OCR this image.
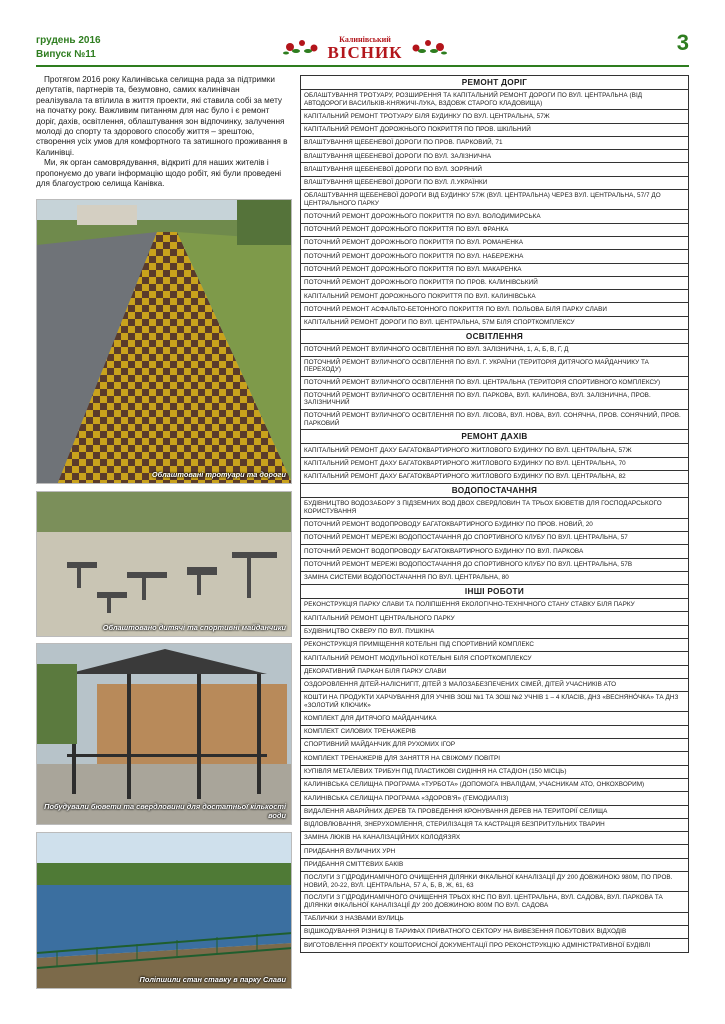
грудень 2016
Випуск №11
Калинівський
ВІСНИК	3

Протягом 2016 року Калинівська селищна рада за підтримки депутатів, партнерів та, безумовно, самих калинівчан реалізувала та втілила в життя проекти, які ставила собі за мету на початку року. Важливим питанням для нас було і є ремонт доріг, дахів, освітлення, облаштування зон відпочинку, залучення молоді до спорту та здорового способу життя – зрештою, створення усіх умов для комфортного та затишного проживання в Калинівці.

Ми, як орган самоврядування, відкриті для наших жителів і пропонуємо до уваги інформацію щодо робіт, які були проведені для благоустрою селища Канівка.

Облаштовані тротуари та дороги
Облаштовано дитячі та спортивні майданчики
Побудували бювети та свердловини для достатньої кількості води
Поліпшили стан ставку в парку Слави
РЕМОНТ ДОРІГ
ОБЛАШТУВАННЯ ТРОТУАРУ, РОЗШИРЕННЯ ТА КАПІТАЛЬНИЙ РЕМОНТ ДОРОГИ ПО ВУЛ. ЦЕНТРАЛЬНА (ВІД АВТОДОРОГИ ВАСИЛЬКІВ-КНЯЖИЧІ-ЛУКА, ВЗДОВЖ СТАРОГО КЛАДОВИЩА)
КАПІТАЛЬНИЙ РЕМОНТ ТРОТУАРУ БІЛЯ БУДИНКУ ПО ВУЛ. ЦЕНТРАЛЬНА, 57Ж
КАПІТАЛЬНИЙ РЕМОНТ ДОРОЖНЬОГО ПОКРИТТЯ ПО ПРОВ. ШКІЛЬНИЙ
ВЛАШТУВАННЯ ЩЕБЕНЕВОЇ ДОРОГИ ПО ПРОВ. ПАРКОВИЙ, 71
ВЛАШТУВАННЯ ЩЕБЕНЕВОЇ ДОРОГИ ПО ВУЛ. ЗАЛІЗНИЧНА
ВЛАШТУВАННЯ ЩЕБЕНЕВОЇ ДОРОГИ ПО ВУЛ. ЗОРЯНИЙ
ВЛАШТУВАННЯ ЩЕБЕНЕВОЇ ДОРОГИ ПО ВУЛ. Л.УКРАЇНКИ
ОБЛАШТУВАННЯ ЩЕБЕНЕВОЇ ДОРОГИ ВІД БУДИНКУ 57Ж (ВУЛ. ЦЕНТРАЛЬНА) ЧЕРЕЗ ВУЛ. ЦЕНТРАЛЬНА, 57/7 ДО ЦЕНТРАЛЬНОГО ПАРКУ
ПОТОЧНИЙ РЕМОНТ ДОРОЖНЬОГО ПОКРИТТЯ ПО ВУЛ. ВОЛОДИМИРСЬКА
ПОТОЧНИЙ РЕМОНТ ДОРОЖНЬОГО ПОКРИТТЯ ПО ВУЛ. ФРАНКА
ПОТОЧНИЙ РЕМОНТ ДОРОЖНЬОГО ПОКРИТТЯ ПО ВУЛ. РОМАНЕНКА
ПОТОЧНИЙ РЕМОНТ ДОРОЖНЬОГО ПОКРИТТЯ ПО ВУЛ. НАБЕРЕЖНА
ПОТОЧНИЙ РЕМОНТ ДОРОЖНЬОГО ПОКРИТТЯ ПО ВУЛ. МАКАРЕНКА
ПОТОЧНИЙ РЕМОНТ ДОРОЖНЬОГО ПОКРИТТЯ ПО ПРОВ. КАЛИНІВСЬКИЙ
КАПІТАЛЬНИЙ РЕМОНТ ДОРОЖНЬОГО ПОКРИТТЯ ПО ВУЛ. КАЛИНІВСЬКА
ПОТОЧНИЙ РЕМОНТ АСФАЛЬТО-БЕТОННОГО ПОКРИТТЯ ПО ВУЛ. ПОЛЬОВА БІЛЯ ПАРКУ СЛАВИ
КАПІТАЛЬНИЙ РЕМОНТ ДОРОГИ ПО ВУЛ. ЦЕНТРАЛЬНА, 57М БІЛЯ СПОРТКОМПЛЕКСУ
ОСВІТЛЕННЯ
ПОТОЧНИЙ РЕМОНТ ВУЛИЧНОГО ОСВІТЛЕННЯ ПО ВУЛ. ЗАЛІЗНИЧНА, 1, А, Б, В, Г, Д
ПОТОЧНИЙ РЕМОНТ ВУЛИЧНОГО ОСВІТЛЕННЯ ПО ВУЛ. Г. УКРАЇНИ (ТЕРИТОРІЯ ДИТЯЧОГО МАЙДАНЧИКУ ТА ПЕРЕХОДУ)
ПОТОЧНИЙ РЕМОНТ ВУЛИЧНОГО ОСВІТЛЕННЯ ПО ВУЛ. ЦЕНТРАЛЬНА (ТЕРИТОРІЯ СПОРТИВНОГО КОМПЛЕКСУ)
ПОТОЧНИЙ РЕМОНТ ВУЛИЧНОГО ОСВІТЛЕННЯ ПО ВУЛ. ПАРКОВА, ВУЛ. КАЛИНОВА, ВУЛ. ЗАЛІЗНИЧНА, ПРОВ. ЗАЛІЗНИЧНИЙ
ПОТОЧНИЙ РЕМОНТ ВУЛИЧНОГО ОСВІТЛЕННЯ ПО ВУЛ. ЛІСОВА, ВУЛ. НОВА, ВУЛ. СОНЯЧНА, ПРОВ. СОНЯЧНИЙ, ПРОВ. ПАРКОВИЙ
РЕМОНТ ДАХІВ
КАПІТАЛЬНИЙ РЕМОНТ ДАХУ БАГАТОКВАРТИРНОГО ЖИТЛОВОГО БУДИНКУ ПО ВУЛ. ЦЕНТРАЛЬНА, 57Ж
КАПІТАЛЬНИЙ РЕМОНТ ДАХУ БАГАТОКВАРТИРНОГО ЖИТЛОВОГО БУДИНКУ ПО ВУЛ. ЦЕНТРАЛЬНА, 70
КАПІТАЛЬНИЙ РЕМОНТ ДАХУ БАГАТОКВАРТИРНОГО ЖИТЛОВОГО БУДИНКУ ПО ВУЛ. ЦЕНТРАЛЬНА, 82
ВОДОПОСТАЧАННЯ
БУДІВНИЦТВО ВОДОЗАБОРУ З ПІДЗЕМНИХ ВОД ДВОХ СВЕРДЛОВИН ТА ТРЬОХ БЮВЕТІВ ДЛЯ ГОСПОДАРСЬКОГО КОРИСТУВАННЯ
ПОТОЧНИЙ РЕМОНТ ВОДОПРОВОДУ БАГАТОКВАРТИРНОГО БУДИНКУ ПО ПРОВ. НОВИЙ, 20
ПОТОЧНИЙ РЕМОНТ МЕРЕЖІ ВОДОПОСТАЧАННЯ ДО СПОРТИВНОГО КЛУБУ ПО ВУЛ. ЦЕНТРАЛЬНА, 57
ПОТОЧНИЙ РЕМОНТ ВОДОПРОВОДУ БАГАТОКВАРТИРНОГО БУДИНКУ ПО ВУЛ. ПАРКОВА
ПОТОЧНИЙ РЕМОНТ МЕРЕЖІ ВОДОПОСТАЧАННЯ ДО СПОРТИВНОГО КЛУБУ ПО ВУЛ. ЦЕНТРАЛЬНА, 57В
ЗАМІНА СИСТЕМИ ВОДОПОСТАЧАННЯ ПО ВУЛ. ЦЕНТРАЛЬНА, 80
ІНШІ РОБОТИ
РЕКОНСТРУКЦІЯ ПАРКУ СЛАВИ ТА ПОЛІПШЕННЯ ЕКОЛОГІЧНО-ТЕХНІЧНОГО СТАНУ СТАВКУ БІЛЯ ПАРКУ
КАПІТАЛЬНИЙ РЕМОНТ ЦЕНТРАЛЬНОГО ПАРКУ
БУДІВНИЦТВО СКВЕРУ ПО ВУЛ. ПУШКІНА
РЕКОНСТРУКЦІЯ ПРИМІЩЕННЯ КОТЕЛЬНІ ПІД СПОРТИВНИЙ КОМПЛЕКС
КАПІТАЛЬНИЙ РЕМОНТ МОДУЛЬНОЇ КОТЕЛЬНІ БІЛЯ СПОРТКОМПЛЕКСУ
ДЕКОРАТИВНИЙ ПАРКАН БІЛЯ ПАРКУ СЛАВИ
ОЗДОРОВЛЕННЯ ДІТЕЙ-НАЛІСНИГІТ, ДІТЕЙ З МАЛОЗАБЕЗПЕЧЕНИХ СІМЕЙ, ДІТЕЙ УЧАСНИКІВ АТО
КОШТИ НА ПРОДУКТИ ХАРЧУВАННЯ ДЛЯ УЧНІВ ЗОШ №1 ТА ЗОШ №2 УЧНІВ 1 – 4 КЛАСІВ, ДНЗ «ВЕСНЯНÓЧКА» ТА ДНЗ «ЗОЛОТИЙ КЛЮЧИК»
КОМПЛЕКТ ДЛЯ ДИТЯЧОГО МАЙДАНЧИКА
КОМПЛЕКТ СИЛОВИХ ТРЕНАЖЕРІВ
СПОРТИВНИЙ МАЙДАНЧИК ДЛЯ РУХОМИХ ІГОР
КОМПЛЕКТ ТРЕНАЖЕРІВ ДЛЯ ЗАНЯТТЯ НА СВІЖОМУ ПОВІТРІ
КУПІВЛЯ МЕТАЛЕВИХ ТРИБУН ПІД ПЛАСТИКОВІ СИДІННЯ НА СТАДІОН (150 МІСЦЬ)
КАЛИНІВСЬКА СЕЛИЩНА ПРОГРАМА «ТУРБОТА» (ДОПОМОГА ІНВАЛІДАМ, УЧАСНИКАМ АТО, ОНКОХВОРИМ)
КАЛИНІВСЬКА СЕЛИЩНА ПРОГРАМА «ЗДОРОВ'Я» (ГЕМОДИАЛІЗ)
ВИДАЛЕННЯ АВАРІЙНИХ ДЕРЕВ ТА ПРОВЕДЕННЯ КРОНУВАННЯ ДЕРЕВ НА ТЕРИТОРІЇ СЕЛИЩА
ВІДЛОВЛЮВАННЯ, ЗНЕРУХОМЛЕННЯ, СТЕРИЛІЗАЦІЯ ТА КАСТРАЦІЯ БЕЗПРИТУЛЬНИХ ТВАРИН
ЗАМІНА ЛЮКІВ НА КАНАЛІЗАЦІЙНИХ КОЛОДЯЗЯХ
ПРИДБАННЯ ВУЛИЧНИХ УРН
ПРИДБАННЯ СМІТТЄВИХ БАКІВ
ПОСЛУГИ З ГІДРОДИНАМІЧНОГО ОЧИЩЕННЯ ДІЛЯНКИ ФІКАЛЬНОЇ КАНАЛІЗАЦІЇ ДУ 200 ДОВЖИНОЮ 980М, ПО ПРОВ. НОВИЙ, 20-22, ВУЛ. ЦЕНТРАЛЬНА, 57 А, Б, В, Ж, 61, 63
ПОСЛУГИ З ГІДРОДИНАМІЧНОГО ОЧИЩЕННЯ ТРЬОХ КНС ПО ВУЛ. ЦЕНТРАЛЬНА, ВУЛ. САДОВА, ВУЛ. ПАРКОВА ТА ДІЛЯНКИ ФІКАЛЬНОЇ КАНАЛІЗАЦІЇ ДУ 200 ДОВЖИНОЮ 800М ПО ВУЛ. САДОВА
ТАБЛИЧКИ З НАЗВАМИ ВУЛИЦЬ
ВІДШКОДУВАННЯ РІЗНИЦІ В ТАРИФАХ ПРИВАТНОГО СЕКТОРУ НА ВИВЕЗЕННЯ ПОБУТОВИХ ВІДХОДІВ
ВИГОТОВЛЕННЯ ПРОЕКТУ КОШТОРИСНОЇ ДОКУМЕНТАЦІЇ ПРО РЕКОНСТРУКЦІЮ АДМІНІСТРАТИВНОЇ БУДІВЛІ
